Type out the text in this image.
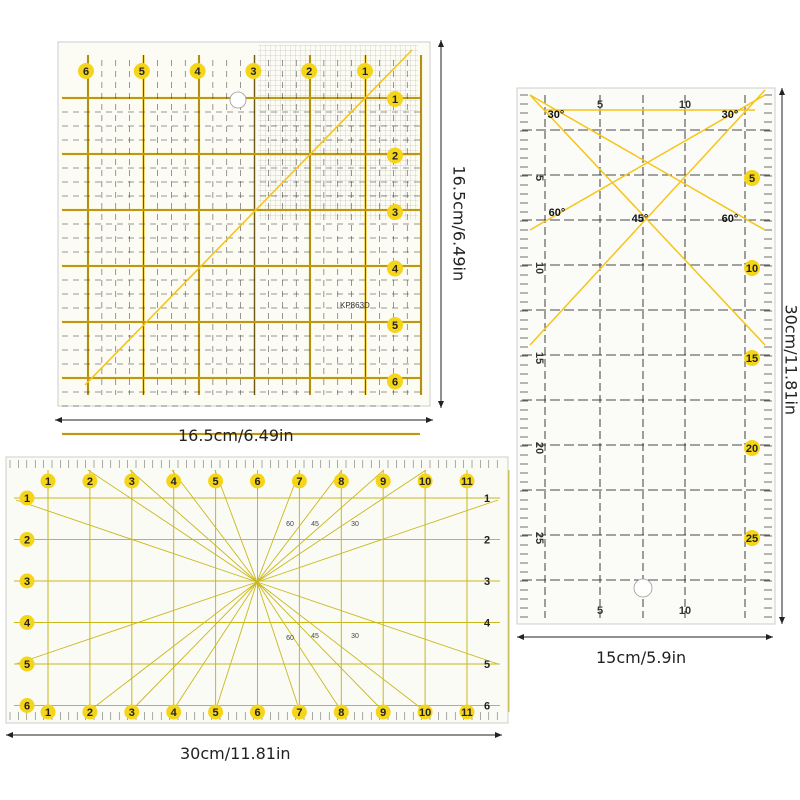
6	5	4	3	2	1
1
2
3
4
5
6
KP863D
5
10
15
20
25
5
10
15
20
25
5	10
5	10
30°	30°
60°	60°
45°
1	2	3	4	5	6	7	8	9	10	11
1	2	3	4	5	6	7	8	9	10	11
1	1
2	2
3	3
4	4
5	5
6	6
60 45	30
60 45	30
16.5cm/6.49in
16.5cm/6.49in
15cm/5.9in
30cm/11.81in
30cm/11.81in
